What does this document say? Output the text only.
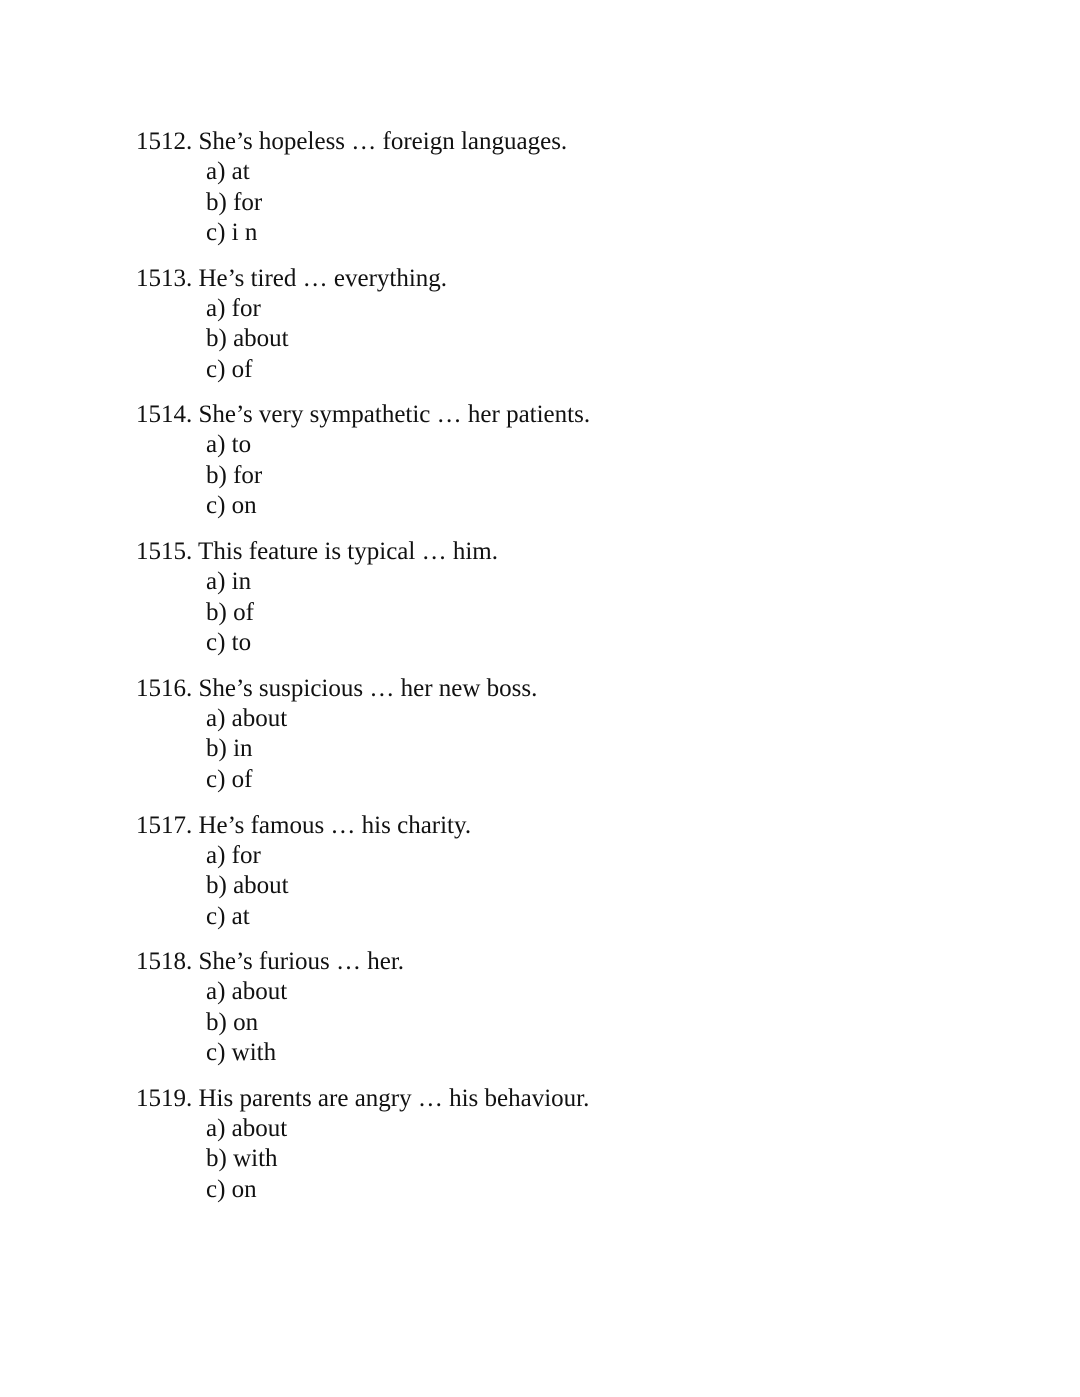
1512. She’s hopeless … foreign languages.
a) at
b) for
c) i n
1513. He’s tired … everything.
a) for
b) about
c) of
1514. She’s very sympathetic … her patients.
a) to
b) for
c) on
1515. This feature is typical … him.
a) in
b) of
c) to
1516. She’s suspicious … her new boss.
a) about
b) in
c) of
1517. He’s famous … his charity.
a) for
b) about
c) at
1518. She’s furious … her.
a) about
b) on
c) with
1519. His parents are angry … his behaviour.
a) about
b) with
c) on
